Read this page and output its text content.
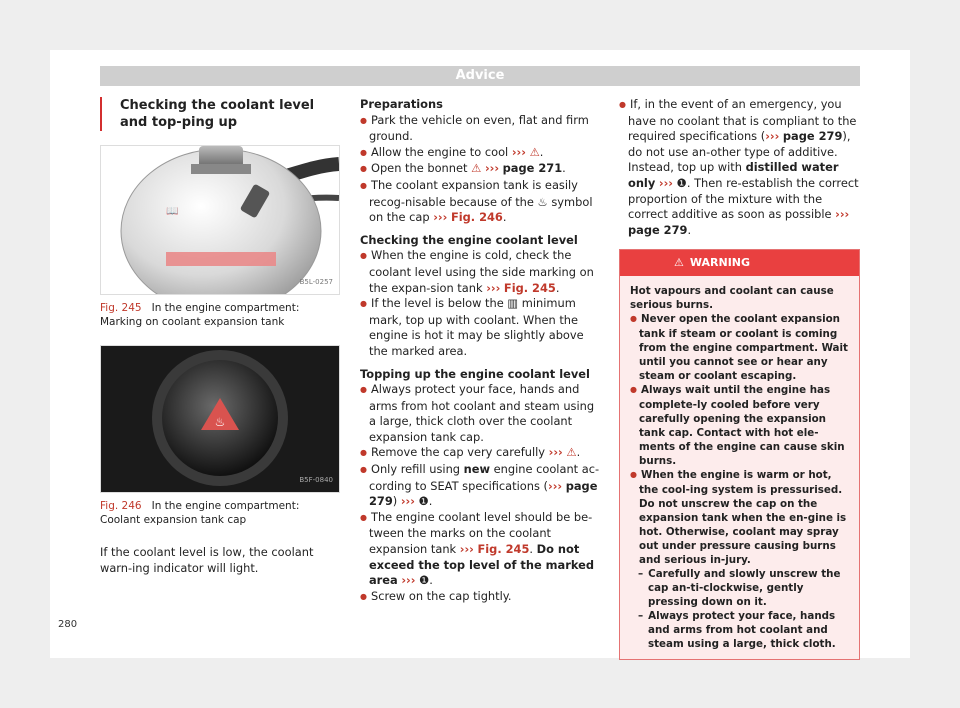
Advice
Checking the coolant level and top-ping up
📖
B5L-0257
Fig. 245 In the engine compartment: Marking on coolant expansion tank
♨
B5F-0840
Fig. 246 In the engine compartment: Coolant expansion tank cap
If the coolant level is low, the coolant warn-ing indicator will light.
Preparations
● Park the vehicle on even, flat and firm ground.
● Allow the engine to cool ››› ⚠.
● Open the bonnet ⚠ ››› page 271.
● The coolant expansion tank is easily recog-nisable because of the ♨ symbol on the cap ››› Fig. 246.
Checking the engine coolant level
● When the engine is cold, check the coolant level using the side marking on the expan-sion tank ››› Fig. 245.
● If the level is below the ▥ minimum mark, top up with coolant. When the engine is hot it may be slightly above the marked area.
Topping up the engine coolant level
● Always protect your face, hands and arms from hot coolant and steam using a large, thick cloth over the coolant expansion tank cap.
● Remove the cap very carefully ››› ⚠.
● Only refill using new engine coolant ac-cording to SEAT specifications (››› page 279) ››› ❶.
● The engine coolant level should be be-tween the marks on the coolant expansion tank ››› Fig. 245. Do not exceed the top level of the marked area ››› ❶.
● Screw on the cap tightly.
● If, in the event of an emergency, you have no coolant that is compliant to the required specifications (››› page 279), do not use an-other type of additive. Instead, top up with distilled water only ››› ❶. Then re-establish the correct proportion of the mixture with the correct additive as soon as possible ››› page 279.
⚠ WARNING
Hot vapours and coolant can cause serious burns.
● Never open the coolant expansion tank if steam or coolant is coming from the engine compartment. Wait until you cannot see or hear any steam or coolant escaping.
● Always wait until the engine has complete-ly cooled before very carefully opening the expansion tank cap. Contact with hot ele-ments of the engine can cause skin burns.
● When the engine is warm or hot, the cool-ing system is pressurised. Do not unscrew the cap on the expansion tank when the en-gine is hot. Otherwise, coolant may spray out under pressure causing burns and serious in-jury.
– Carefully and slowly unscrew the cap an-ti-clockwise, gently pressing down on it.
– Always protect your face, hands and arms from hot coolant and steam using a large, thick cloth.
280
